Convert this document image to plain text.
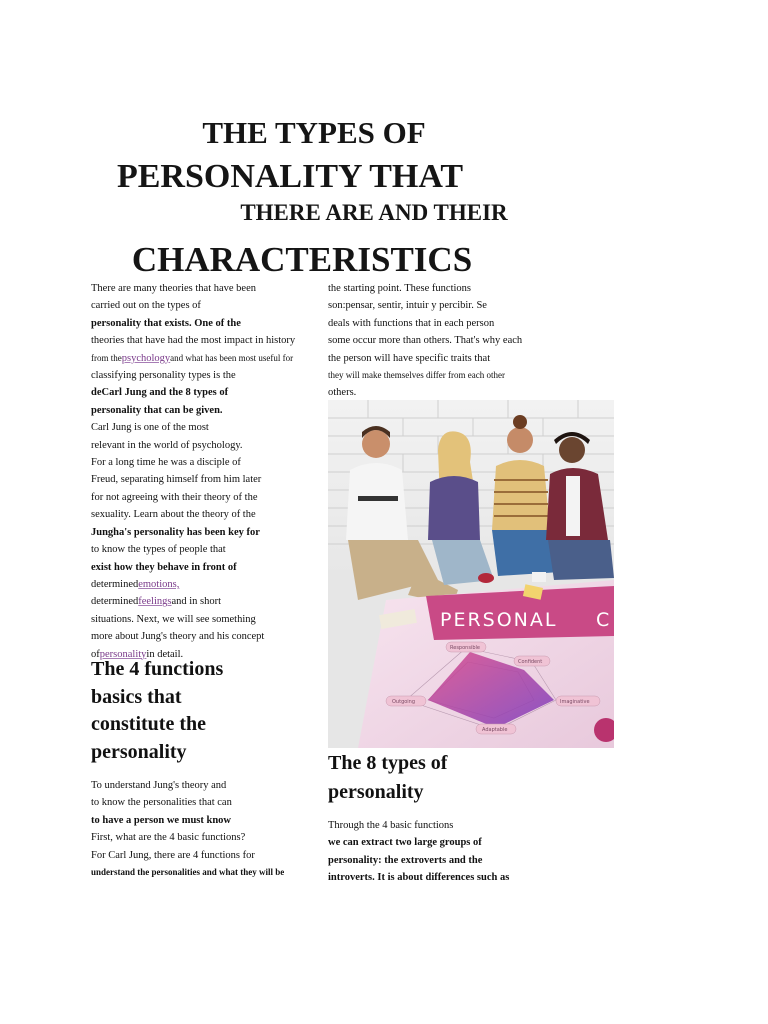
THE TYPES OF
PERSONALITY THAT
THERE ARE AND THEIR
CHARACTERISTICS

There are many theories that have been

carried out on the types of

personality that exists. One of the

theories that have had the most impact in history

from thepsychologyand what has been most useful for

classifying personality types is the

deCarl Jung and the 8 types of

personality that can be given.

Carl Jung is one of the most

relevant in the world of psychology.

For a long time he was a disciple of

Freud, separating himself from him later

for not agreeing with their theory of the

sexuality. Learn about the theory of the

Jungha's personality has been key for

to know the types of people that

exist how they behave in front of

determinedemotions,

determinedfeelingsand in short

situations. Next, we will see something

more about Jung's theory and his concept

ofpersonalityin detail.

The 4 functions
basics that
constitute the
personality

To understand Jung's theory and

to know the personalities that can

to have a person we must know

First, what are the 4 basic functions?

For Carl Jung, there are 4 functions for

understand the personalities and what they will be

the starting point. These functions

son:pensar, sentir, intuir y percibir. Se

deals with functions that in each person

some occur more than others. That's why each

the person will have specific traits that

they will make themselves differ from each other

others.

PERSONAL C
Responsible
Confident
Outgoing	Imaginative
Adaptable
The 8 types of
personality

Through the 4 basic functions

we can extract two large groups of

personality: the extroverts and the

introverts. It is about differences such as
